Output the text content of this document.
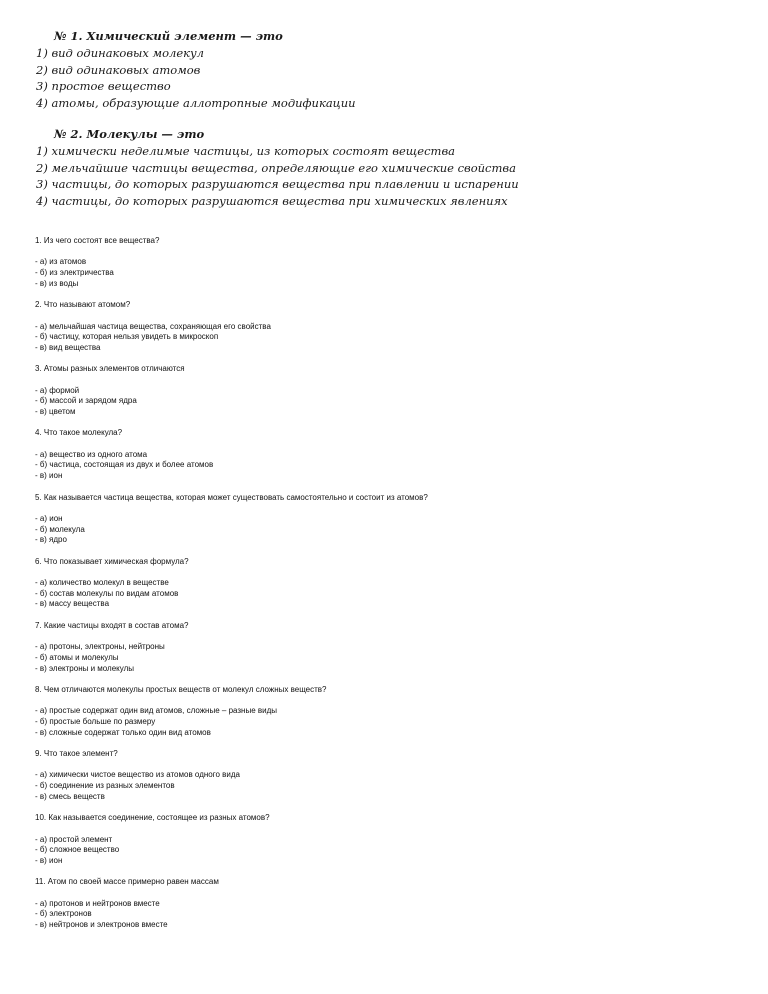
№ 1. Химический элемент — это
1) вид одинаковых молекул
2) вид одинаковых атомов
3) простое вещество
4) атомы, образующие аллотропные модификации
№ 2. Молекулы — это
1) химически неделимые частицы, из которых состоят вещества
2) мельчайшие частицы вещества, определяющие его химические свойства
3) частицы, до которых разрушаются вещества при плавлении и испарении
4) частицы, до которых разрушаются вещества при химических явлениях
1. Из чего состоят все вещества?
- а) из атомов
- б) из электричества
- в) из воды
2. Что называют атомом?
- а) мельчайшая частица вещества, сохраняющая его свойства
- б) частицу, которая нельзя увидеть в микроскоп
- в) вид вещества
3. Атомы разных элементов отличаются
- а) формой
- б) массой и зарядом ядра
- в) цветом
4. Что такое молекула?
- а) вещество из одного атома
- б) частица, состоящая из двух и более атомов
- в) ион
5. Как называется частица вещества, которая может существовать самостоятельно и состоит из атомов?
- а) ион
- б) молекула
- в) ядро
6. Что показывает химическая формула?
- а) количество молекул в веществе
- б) состав молекулы по видам атомов
- в) массу вещества
7. Какие частицы входят в состав атома?
- а) протоны, электроны, нейтроны
- б) атомы и молекулы
- в) электроны и молекулы
8. Чем отличаются молекулы простых веществ от молекул сложных веществ?
- а) простые содержат один вид атомов, сложные – разные виды
- б) простые больше по размеру
- в) сложные содержат только один вид атомов
9. Что такое элемент?
- а) химически чистое вещество из атомов одного вида
- б) соединение из разных элементов
- в) смесь веществ
10. Как называется соединение, состоящее из разных атомов?
- а) простой элемент
- б) сложное вещество
- в) ион
11. Атом по своей массе примерно равен массам
- а) протонов и нейтронов вместе
- б) электронов
- в) нейтронов и электронов вместе
